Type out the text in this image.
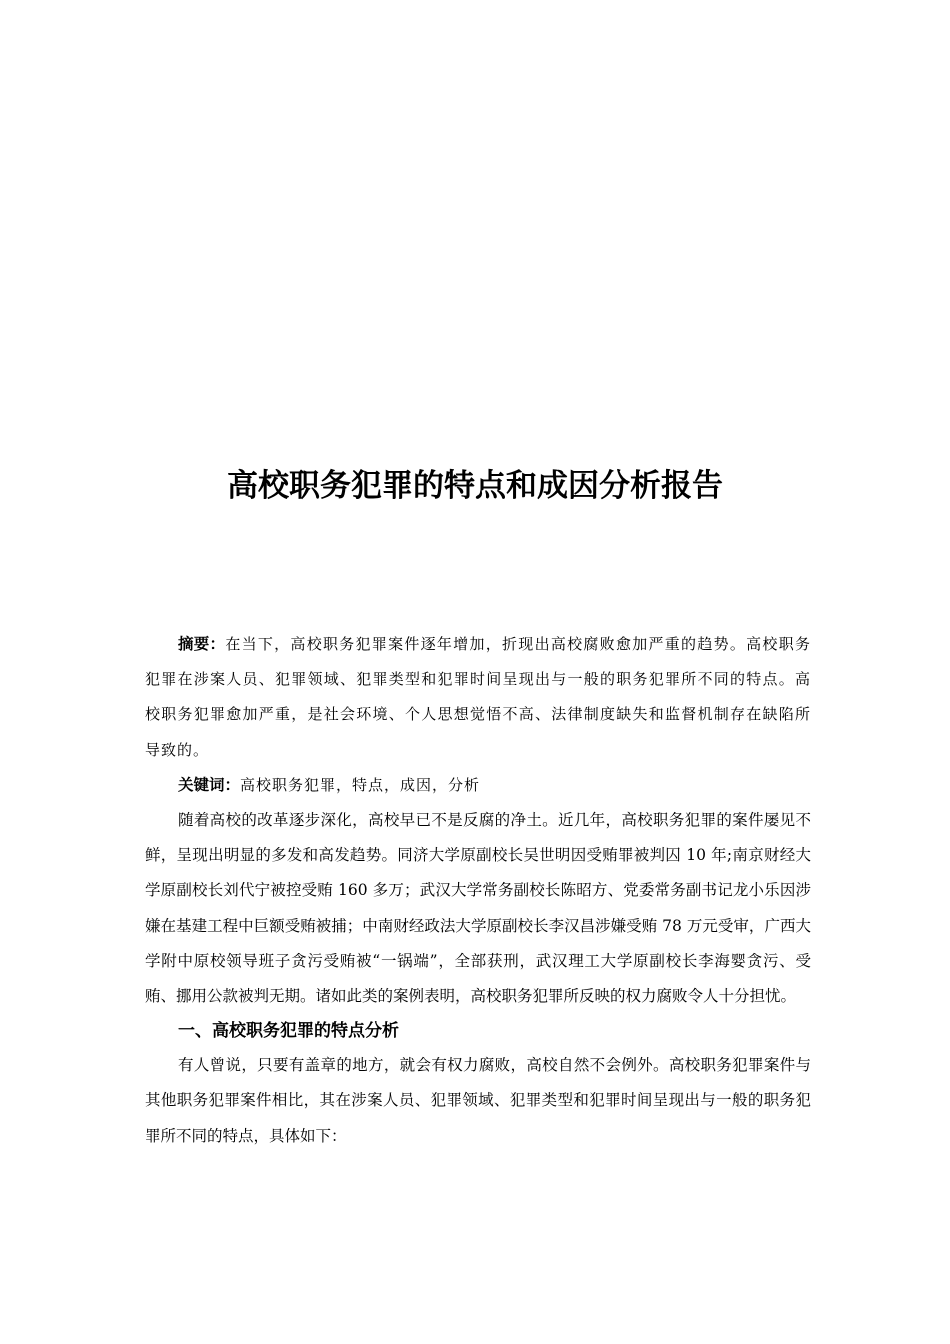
高校职务犯罪的特点和成因分析报告

摘要：在当下，高校职务犯罪案件逐年增加，折现出高校腐败愈加严重的趋势。高校职务犯罪在涉案人员、犯罪领域、犯罪类型和犯罪时间呈现出与一般的职务犯罪所不同的特点。高校职务犯罪愈加严重，是社会环境、个人思想觉悟不高、法律制度缺失和监督机制存在缺陷所导致的。

关键词：高校职务犯罪，特点，成因，分析

随着高校的改革逐步深化，高校早已不是反腐的净土。近几年，高校职务犯罪的案件屡见不鲜，呈现出明显的多发和高发趋势。同济大学原副校长吴世明因受贿罪被判囚 10 年;南京财经大学原副校长刘代宁被控受贿 160 多万；武汉大学常务副校长陈昭方、党委常务副书记龙小乐因涉嫌在基建工程中巨额受贿被捕；中南财经政法大学原副校长李汉昌涉嫌受贿 78 万元受审，广西大学附中原校领导班子贪污受贿被“一锅端”，全部获刑，武汉理工大学原副校长李海婴贪污、受贿、挪用公款被判无期。诸如此类的案例表明，高校职务犯罪所反映的权力腐败令人十分担忧。

一、高校职务犯罪的特点分析

有人曾说，只要有盖章的地方，就会有权力腐败，高校自然不会例外。高校职务犯罪案件与其他职务犯罪案件相比，其在涉案人员、犯罪领域、犯罪类型和犯罪时间呈现出与一般的职务犯罪所不同的特点，具体如下：
